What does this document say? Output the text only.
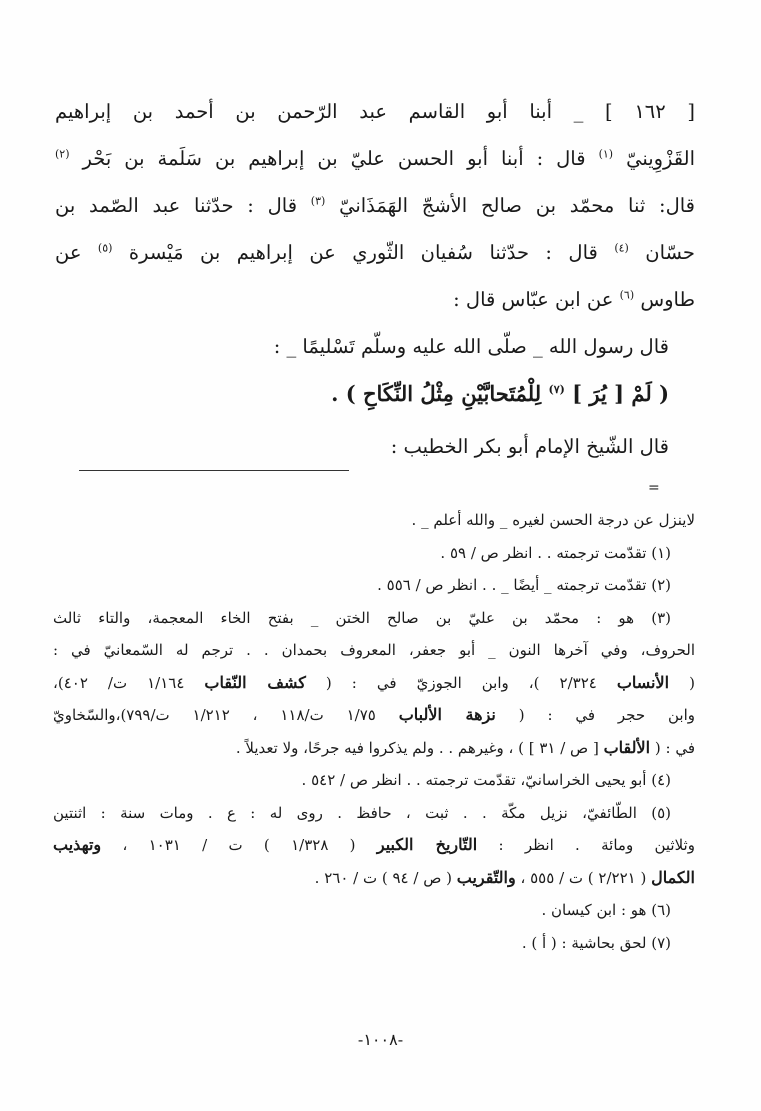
[ ١٦٢ ] _ أبنا أبو القاسم عبد الرّحمن بن أحمد بن إبراهيم
القَزْوِينيّ $^{(١)}$ قال : أبنا أبو الحسن عليّ بن إبراهيم بن سَلَمة بن بَحْر $^{(٢)}$
قال: ثنا محمّد بن صالح الأشجّ الهَمَذَانيّ $^{(٣)}$ قال : حدّثنا عبد الصّمد بن
حسّان $^{(٤)}$ قال : حدّثنا سُفيان الثّوري عن إبراهيم بن مَيْسرة $^{(٥)}$ عن
طاوس $^{(٦)}$ عن ابن عبّاس قال :
قال رسول الله _ صلّى الله عليه وسلّم تَسْليمًا _ :
( لَمْ [ يُرَ ] $^{(٧)}$ لِلْمُتَحابَّيْنِ مِثْلُ النِّكَاحِ ) .
قال الشّيخ الإمام أبو بكر الخطيب :
=
لاينزل عن درجة الحسن لغيره _ والله أعلم _ .
(١) تقدّمت ترجمته . . انظر ص / ٥٩ .
(٢) تقدّمت ترجمته _ أيضًا _ . . انظر ص / ٥٥٦ .
(٣) هو : محمّد بن عليّ بن صالح الختن _ بفتح الخاء المعجمة، والتاء ثالث
الحروف، وفي آخرها النون _ أبو جعفر، المعروف بحمدان . . ترجم له السّمعانيّ في :
( الأنساب ٢/٣٢٤ )، وابن الجوزيّ في : ( كشف النّقاب ١/١٦٤ ت/ ٤٠٢)،
وابن حجر في : ( نزهة الألباب ١/٧٥ ت/١١٨ ، ١/٢١٢ ت/٧٩٩)،والسّخاويّ
في : ( الألقاب [ ص / ٣١ ] ) ، وغيرهم . . ولم يذكروا فيه جرحًا، ولا تعديلاً .
(٤) أبو يحيى الخراسانيّ، تقدّمت ترجمته . . انظر ص / ٥٤٢ .
(٥) الطّائفيّ، نزيل مكّة . . ثبت ، حافظ . روى له : ع . ومات سنة : اثنتين
وثلاثين ومائة . انظر : التّاريخ الكبير ( ١/٣٢٨ ) ت / ١٠٣١ ، وتهذيب
الكمال ( ٢/٢٢١ ) ت / ٥٥٥ ، والتّقريب ( ص / ٩٤ ) ت / ٢٦٠ .
(٦) هو : ابن كيسان .
(٧) لحق بحاشية : ( أ ) .
-١٠٠٨-
